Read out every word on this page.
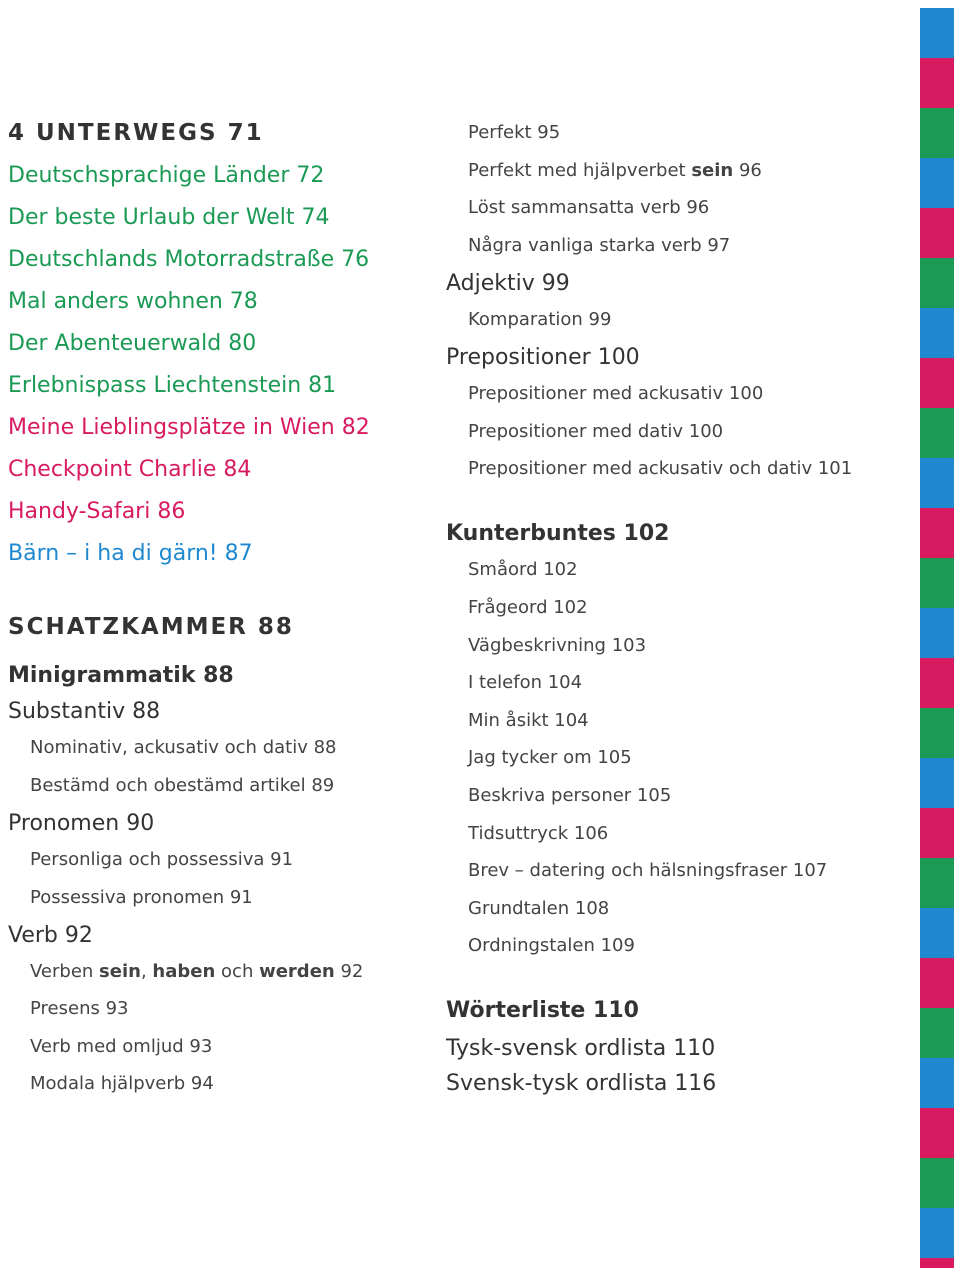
4 UNTERWEGS 71
Deutschsprachige Länder 72
Der beste Urlaub der Welt 74
Deutschlands Motorradstraße 76
Mal anders wohnen 78
Der Abenteuerwald 80
Erlebnispass Liechtenstein 81
Meine Lieblingsplätze in Wien 82
Checkpoint Charlie 84
Handy-Safari 86
Bärn – i ha di gärn! 87
SCHATZKAMMER 88
Minigrammatik 88
Substantiv 88
Nominativ, ackusativ och dativ 88
Bestämd och obestämd artikel 89
Pronomen 90
Personliga och possessiva 91
Possessiva pronomen 91
Verb 92
Verben sein, haben och werden 92
Presens 93
Verb med omljud 93
Modala hjälpverb 94
Perfekt 95
Perfekt med hjälpverbet sein 96
Löst sammansatta verb 96
Några vanliga starka verb 97
Adjektiv 99
Komparation 99
Prepositioner 100
Prepositioner med ackusativ 100
Prepositioner med dativ 100
Prepositioner med ackusativ och dativ 101
Kunterbuntes 102
Småord 102
Frågeord 102
Vägbeskrivning 103
I telefon 104
Min åsikt 104
Jag tycker om 105
Beskriva personer 105
Tidsuttryck 106
Brev – datering och hälsningsfraser 107
Grundtalen 108
Ordningstalen 109
Wörterliste 110
Tysk-svensk ordlista 110
Svensk-tysk ordlista 116
